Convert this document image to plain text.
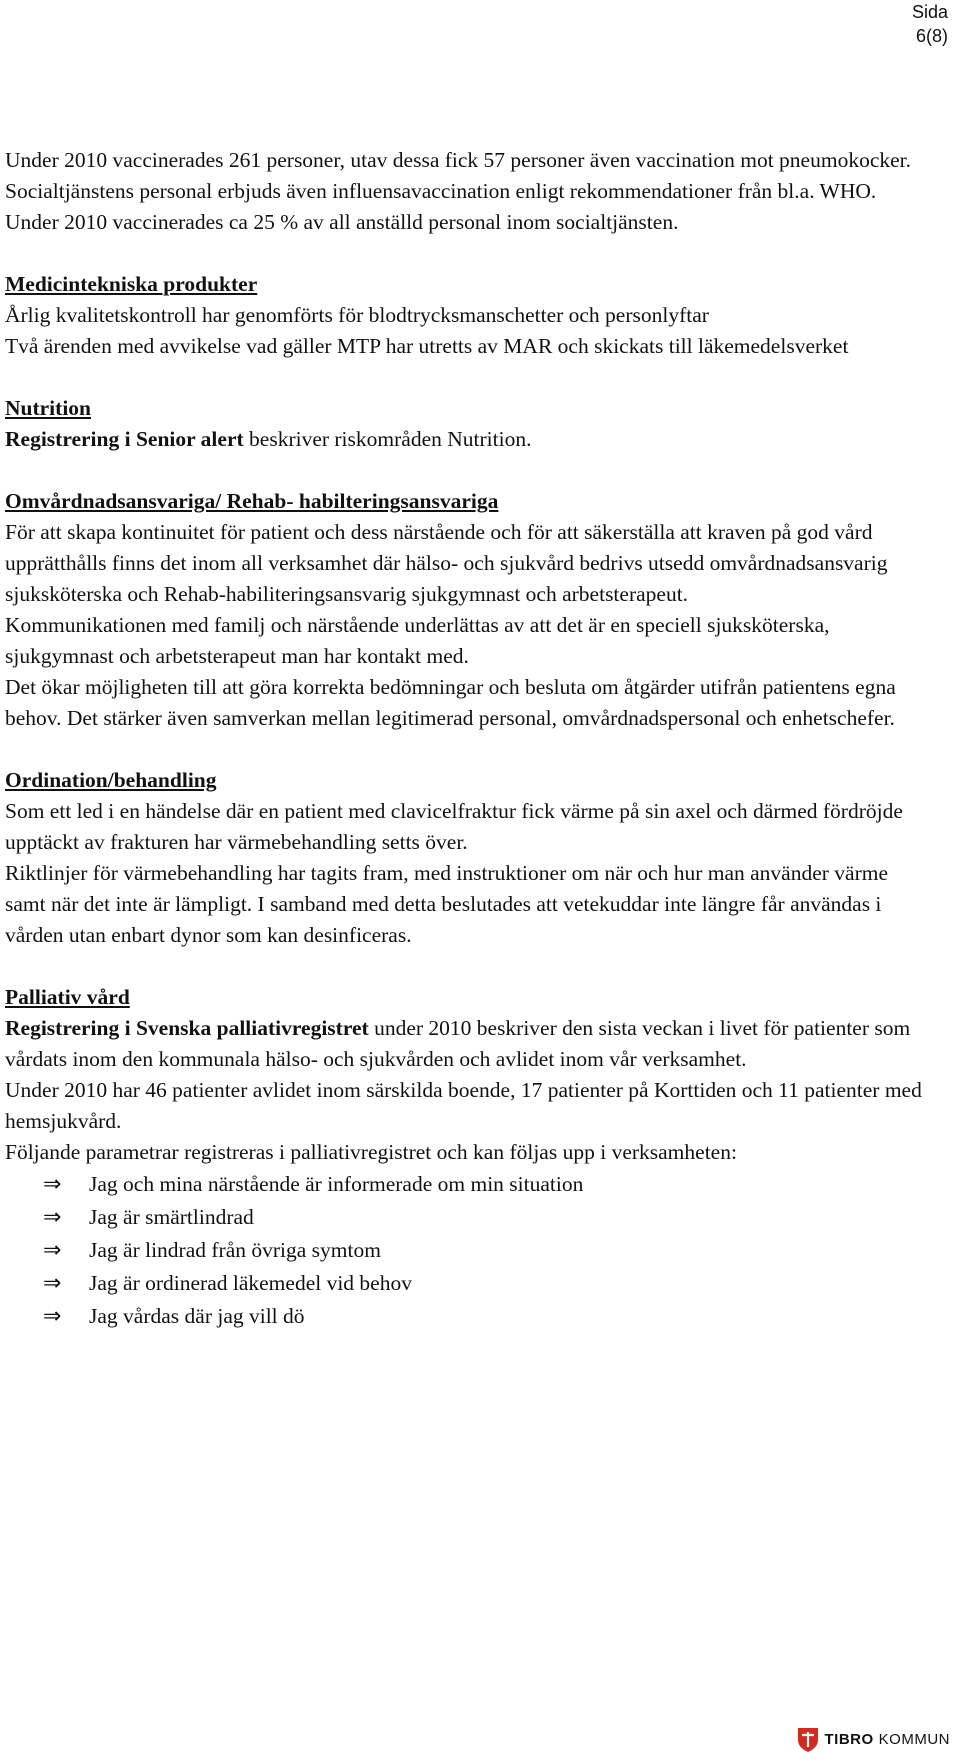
Sida
6(8)

Under 2010 vaccinerades 261 personer, utav dessa fick 57 personer även vaccination mot pneumokocker.

Socialtjänstens personal erbjuds även influensavaccination enligt rekommendationer från bl.a. WHO. Under 2010 vaccinerades ca 25 % av all anställd personal inom socialtjänsten.

Medicintekniska produkter

Årlig kvalitetskontroll har genomförts för blodtrycksmanschetter och personlyftar

Två ärenden med avvikelse vad gäller MTP har utretts av MAR och skickats till läkemedelsverket

Nutrition

Registrering i Senior alert beskriver riskområden Nutrition.

Omvårdnadsansvariga/ Rehab- habilteringsansvariga

För att skapa kontinuitet för patient och dess närstående och för att säkerställa att kraven på god vård upprätthålls finns det inom all verksamhet där hälso- och sjukvård bedrivs utsedd omvårdnadsansvarig sjuksköterska och Rehab-habiliteringsansvarig sjukgymnast och arbetsterapeut.

Kommunikationen med familj och närstående underlättas av att det är en speciell sjuksköterska, sjukgymnast och arbetsterapeut man har kontakt med.

Det ökar möjligheten till att göra korrekta bedömningar och besluta om åtgärder utifrån patientens egna behov. Det stärker även samverkan mellan legitimerad personal, omvårdnadspersonal och enhetschefer.

Ordination/behandling

Som ett led i en händelse där en patient med clavicelfraktur fick värme på sin axel och därmed fördröjde upptäckt av frakturen har värmebehandling setts över.

Riktlinjer för värmebehandling har tagits fram, med instruktioner om när och hur man använder värme samt när det inte är lämpligt. I samband med detta beslutades att vetekuddar inte längre får användas i vården utan enbart dynor som kan desinficeras.

Palliativ vård

Registrering i Svenska palliativregistret under 2010 beskriver den sista veckan i livet för patienter som vårdats inom den kommunala hälso- och sjukvården och avlidet inom vår verksamhet.

Under 2010 har 46 patienter avlidet inom särskilda boende, 17 patienter på Korttiden och 11 patienter med hemsjukvård.

Följande parametrar registreras i palliativregistret och kan följas upp i verksamheten:

⇒	Jag och mina närstående är informerade om min situation
⇒	Jag är smärtlindrad
⇒	Jag är lindrad från övriga symtom
⇒	Jag är ordinerad läkemedel vid behov
⇒	Jag vårdas där jag vill dö
TIBRO KOMMUN
